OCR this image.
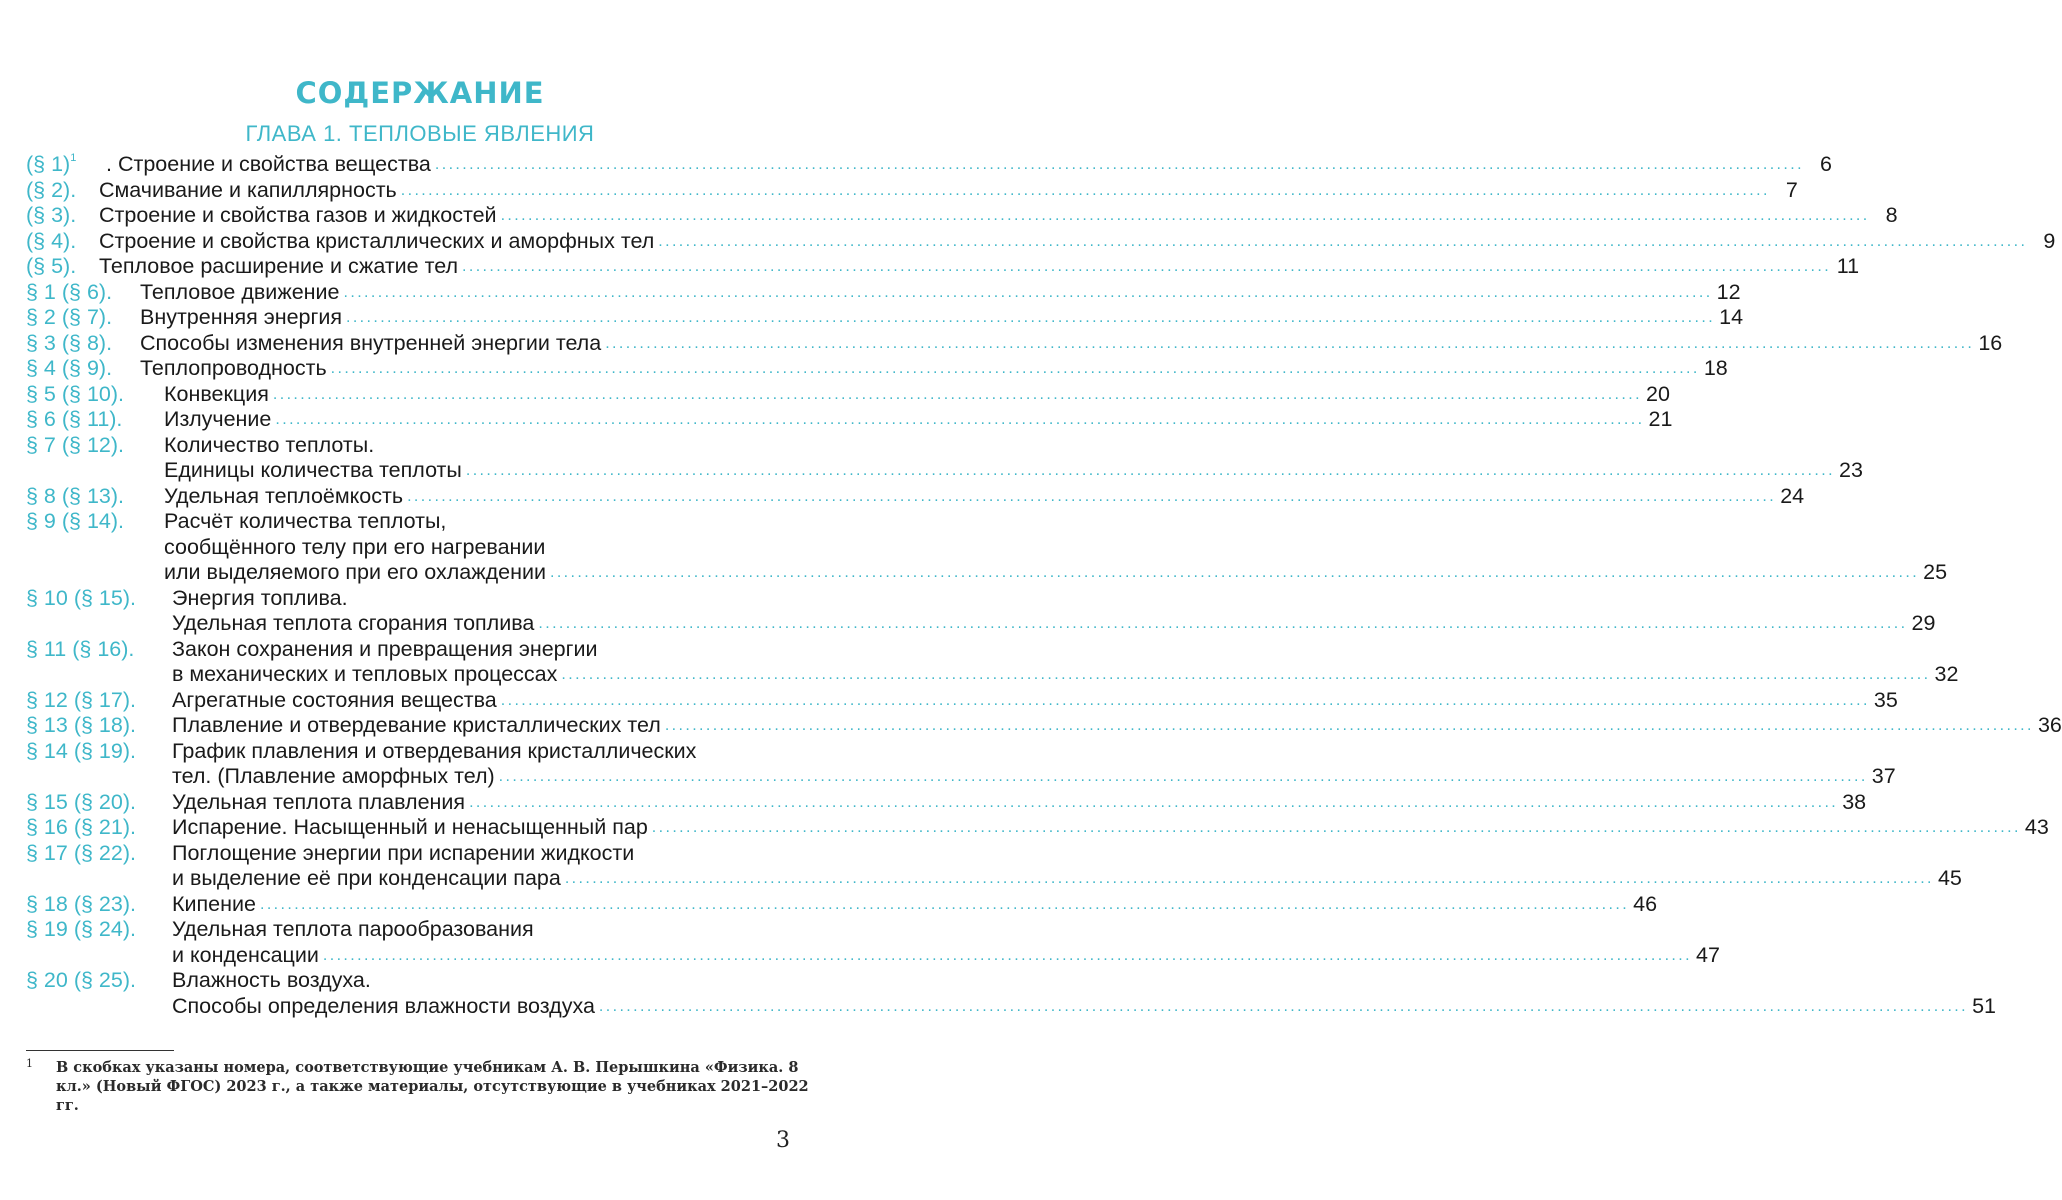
СОДЕРЖАНИЕ
ГЛАВА 1. ТЕПЛОВЫЕ ЯВЛЕНИЯ
(§ 1)$^1$ . Строение и свойства вещества ........................................................................................................................................................................................................ 6
(§ 2). Смачивание и капиллярность ........................................................................................................................................................................................................ 7
(§ 3). Строение и свойства газов и жидкостей ........................................................................................................................................................................................................ 8
(§ 4). Строение и свойства кристаллических и аморфных тел ........................................................................................................................................................................................................ 9
(§ 5). Тепловое расширение и сжатие тел ........................................................................................................................................................................................................ 11
§ 1 (§ 6). Тепловое движение ........................................................................................................................................................................................................ 12
§ 2 (§ 7). Внутренняя энергия ........................................................................................................................................................................................................ 14
§ 3 (§ 8). Способы изменения внутренней энергии тела ........................................................................................................................................................................................................ 16
§ 4 (§ 9). Теплопроводность ........................................................................................................................................................................................................ 18
§ 5 (§ 10). Конвекция ........................................................................................................................................................................................................ 20
§ 6 (§ 11). Излучение ........................................................................................................................................................................................................ 21
§ 7 (§ 12). Количество теплоты.
Единицы количества теплоты ........................................................................................................................................................................................................ 23
§ 8 (§ 13). Удельная теплоёмкость ........................................................................................................................................................................................................ 24
§ 9 (§ 14). Расчёт количества теплоты,
сообщённого телу при его нагревании
или выделяемого при его охлаждении ........................................................................................................................................................................................................ 25
§ 10 (§ 15). Энергия топлива.
Удельная теплота сгорания топлива ........................................................................................................................................................................................................ 29
§ 11 (§ 16). Закон сохранения и превращения энергии
в механических и тепловых процессах ........................................................................................................................................................................................................ 32
§ 12 (§ 17). Агрегатные состояния вещества ........................................................................................................................................................................................................ 35
§ 13 (§ 18). Плавление и отвердевание кристаллических тел ........................................................................................................................................................................................................ 36
§ 14 (§ 19). График плавления и отвердевания кристаллических
тел. (Плавление аморфных тел) ........................................................................................................................................................................................................ 37
§ 15 (§ 20). Удельная теплота плавления ........................................................................................................................................................................................................ 38
§ 16 (§ 21). Испарение. Насыщенный и ненасыщенный пар ........................................................................................................................................................................................................ 43
§ 17 (§ 22). Поглощение энергии при испарении жидкости
и выделение её при конденсации пара ........................................................................................................................................................................................................ 45
§ 18 (§ 23). Кипение ........................................................................................................................................................................................................ 46
§ 19 (§ 24). Удельная теплота парообразования
и конденсации ........................................................................................................................................................................................................ 47
§ 20 (§ 25). Влажность воздуха.
Способы определения влажности воздуха ........................................................................................................................................................................................................ 51
1 В скобках указаны номера, соответствующие учебникам А. В. Перышкина «Физика. 8 кл.» (Новый ФГОС) 2023 г., а также материалы, отсутствующие в учебниках 2021–2022 гг.
3
